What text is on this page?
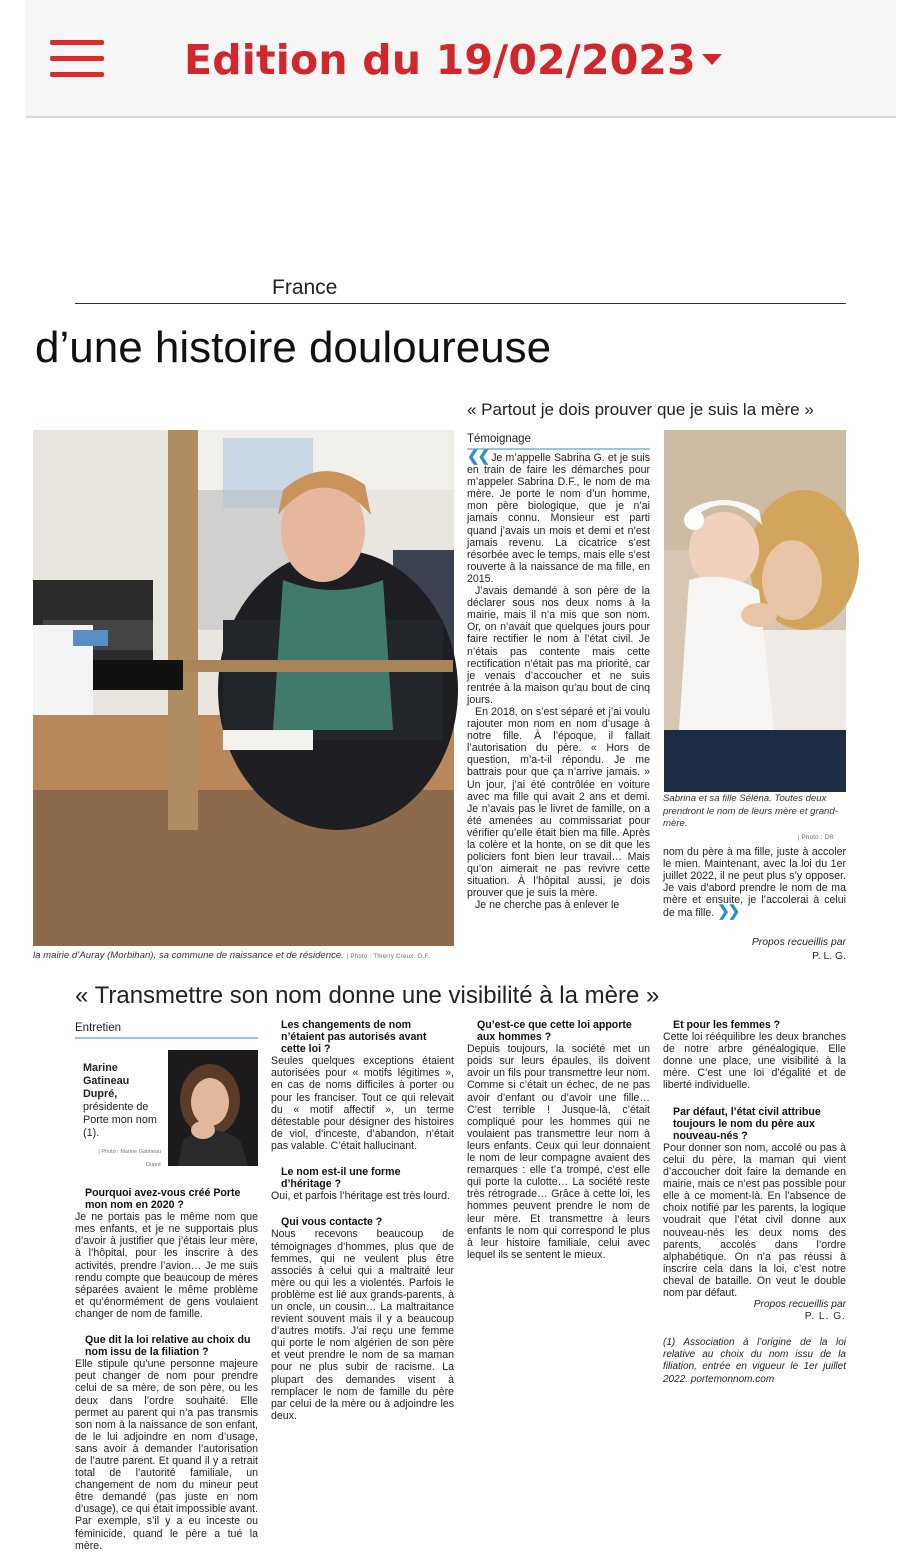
Edition du 19/02/2023
France
d’une histoire douloureuse
« Partout je dois prouver que je suis la mère »
la mairie d’Auray (Morbihan), sa commune de naissance et de résidence. | Photo : Thierry Creux. O.F.
Témoignage

❮❮ Je m’appelle Sabrina G. et je suis en train de faire les démarches pour m’appeler Sabrina D.F., le nom de ma mère. Je porte le nom d’un homme, mon père biologique, que je n’ai jamais connu. Monsieur est parti quand j’avais un mois et demi et n’est jamais revenu. La cicatrice s’est résorbée avec le temps, mais elle s’est rouverte à la naissance de ma fille, en 2015.

J’avais demandé à son père de la déclarer sous nos deux noms à la mairie, mais il n’a mis que son nom. Or, on n’avait que quelques jours pour faire rectifier le nom à l’état civil. Je n’étais pas contente mais cette rectification n’était pas ma priorité, car je venais d’accoucher et ne suis rentrée à la maison qu’au bout de cinq jours.

En 2018, on s’est séparé et j’ai voulu rajouter mon nom en nom d’usage à notre fille. À l’époque, il fallait l’autorisation du père. « Hors de question, m’a-t-il répondu. Je me battrais pour que ça n’arrive jamais. » Un jour, j’ai été contrôlée en voiture avec ma fille qui avait 2 ans et demi. Je n’avais pas le livret de famille, on a été amenées au commissariat pour vérifier qu’elle était bien ma fille. Après la colère et la honte, on se dit que les policiers font bien leur travail… Mais qu’on aimerait ne pas revivre cette situation. À l’hôpital aussi, je dois prouver que je suis la mère.

Je ne cherche pas à enlever le

Sabrina et sa fille Séléna. Toutes deux prendront le nom de leurs mère et grand-mère.

| Photo : DR

nom du père à ma fille, juste à accoler le mien. Maintenant, avec la loi du 1er juillet 2022, il ne peut plus s’y opposer. Je vais d’abord prendre le nom de ma mère et ensuite, je l’accolerai à celui de ma fille. ❯❯

Propos recueillis par
P. L. G.
« Transmettre son nom donne une visibilité à la mère »
Entretien
Marine Gatineau Dupré,
présidente de Porte mon nom (1).
| Photo : Marine Gatineau Dupré

Pourquoi avez-vous créé Porte mon nom en 2020 ?

Je ne portais pas le même nom que mes enfants, et je ne supportais plus d’avoir à justifier que j’étais leur mère, à l’hôpital, pour les inscrire à des activités, prendre l’avion… Je me suis rendu compte que beaucoup de mères séparées avaient le même problème et qu’énormément de gens voulaient changer de nom de famille.

Que dit la loi relative au choix du nom issu de la filiation ?

Elle stipule qu’une personne majeure peut changer de nom pour prendre celui de sa mère, de son père, ou les deux dans l’ordre souhaité. Elle permet au parent qui n’a pas transmis son nom à la naissance de son enfant, de le lui adjoindre en nom d’usage, sans avoir à demander l’autorisation de l’autre parent. Et quand il y a retrait total de l’autorité familiale, un changement de nom du mineur peut être demandé (pas juste en nom d’usage), ce qui était impossible avant. Par exemple, s’il y a eu inceste ou féminicide, quand le père a tué la mère.

Les changements de nom n’étaient pas autorisés avant cette loi ?

Seules quelques exceptions étaient autorisées pour « motifs légitimes », en cas de noms difficiles à porter ou pour les franciser. Tout ce qui relevait du « motif affectif », un terme détestable pour désigner des histoires de viol, d’inceste, d’abandon, n’était pas valable. C’était hallucinant.

Le nom est-il une forme d’héritage ?

Oui, et parfois l’héritage est très lourd.

Qui vous contacte ?

Nous recevons beaucoup de témoignages d’hommes, plus que de femmes, qui ne veulent plus être associés à celui qui a maltraité leur mère ou qui les a violentés. Parfois le problème est lié aux grands-parents, à un oncle, un cousin… La maltraitance revient souvent mais il y a beaucoup d’autres motifs. J’ai reçu une femme qui porte le nom algérien de son père et veut prendre le nom de sa maman pour ne plus subir de racisme. La plupart des demandes visent à remplacer le nom de famille du père par celui de la mère ou à adjoindre les deux.

Qu’est-ce que cette loi apporte aux hommes ?

Depuis toujours, la société met un poids sur leurs épaules, ils doivent avoir un fils pour transmettre leur nom. Comme si c’était un échec, de ne pas avoir d’enfant ou d’avoir une fille… C’est terrible ! Jusque-là, c’était compliqué pour les hommes qui ne voulaient pas transmettre leur nom à leurs enfants. Ceux qui leur donnaient le nom de leur compagne avaient des remarques : elle t’a trompé, c’est elle qui porte la culotte… La société reste très rétrograde… Grâce à cette loi, les hommes peuvent prendre le nom de leur mère. Et transmettre à leurs enfants le nom qui correspond le plus à leur histoire familiale, celui avec lequel ils se sentent le mieux.

Et pour les femmes ?

Cette loi rééquilibre les deux branches de notre arbre généalogique. Elle donne une place, une visibilité à la mère. C’est une loi d’égalité et de liberté individuelle.

Par défaut, l’état civil attribue toujours le nom du père aux nouveau-nés ?

Pour donner son nom, accolé ou pas à celui du père, la maman qui vient d’accoucher doit faire la demande en mairie, mais ce n’est pas possible pour elle à ce moment-là. En l’absence de choix notifié par les parents, la logique voudrait que l’état civil donne aux nouveau-nés les deux noms des parents, accolés dans l’ordre alphabétique. On n’a pas réussi à inscrire cela dans la loi, c’est notre cheval de bataille. On veut le double nom par défaut.

Propos recueillis par

P. L. G.

(1) Association à l’origine de la loi relative au choix du nom issu de la filiation, entrée en vigueur le 1er juillet 2022. portemonnom.com
